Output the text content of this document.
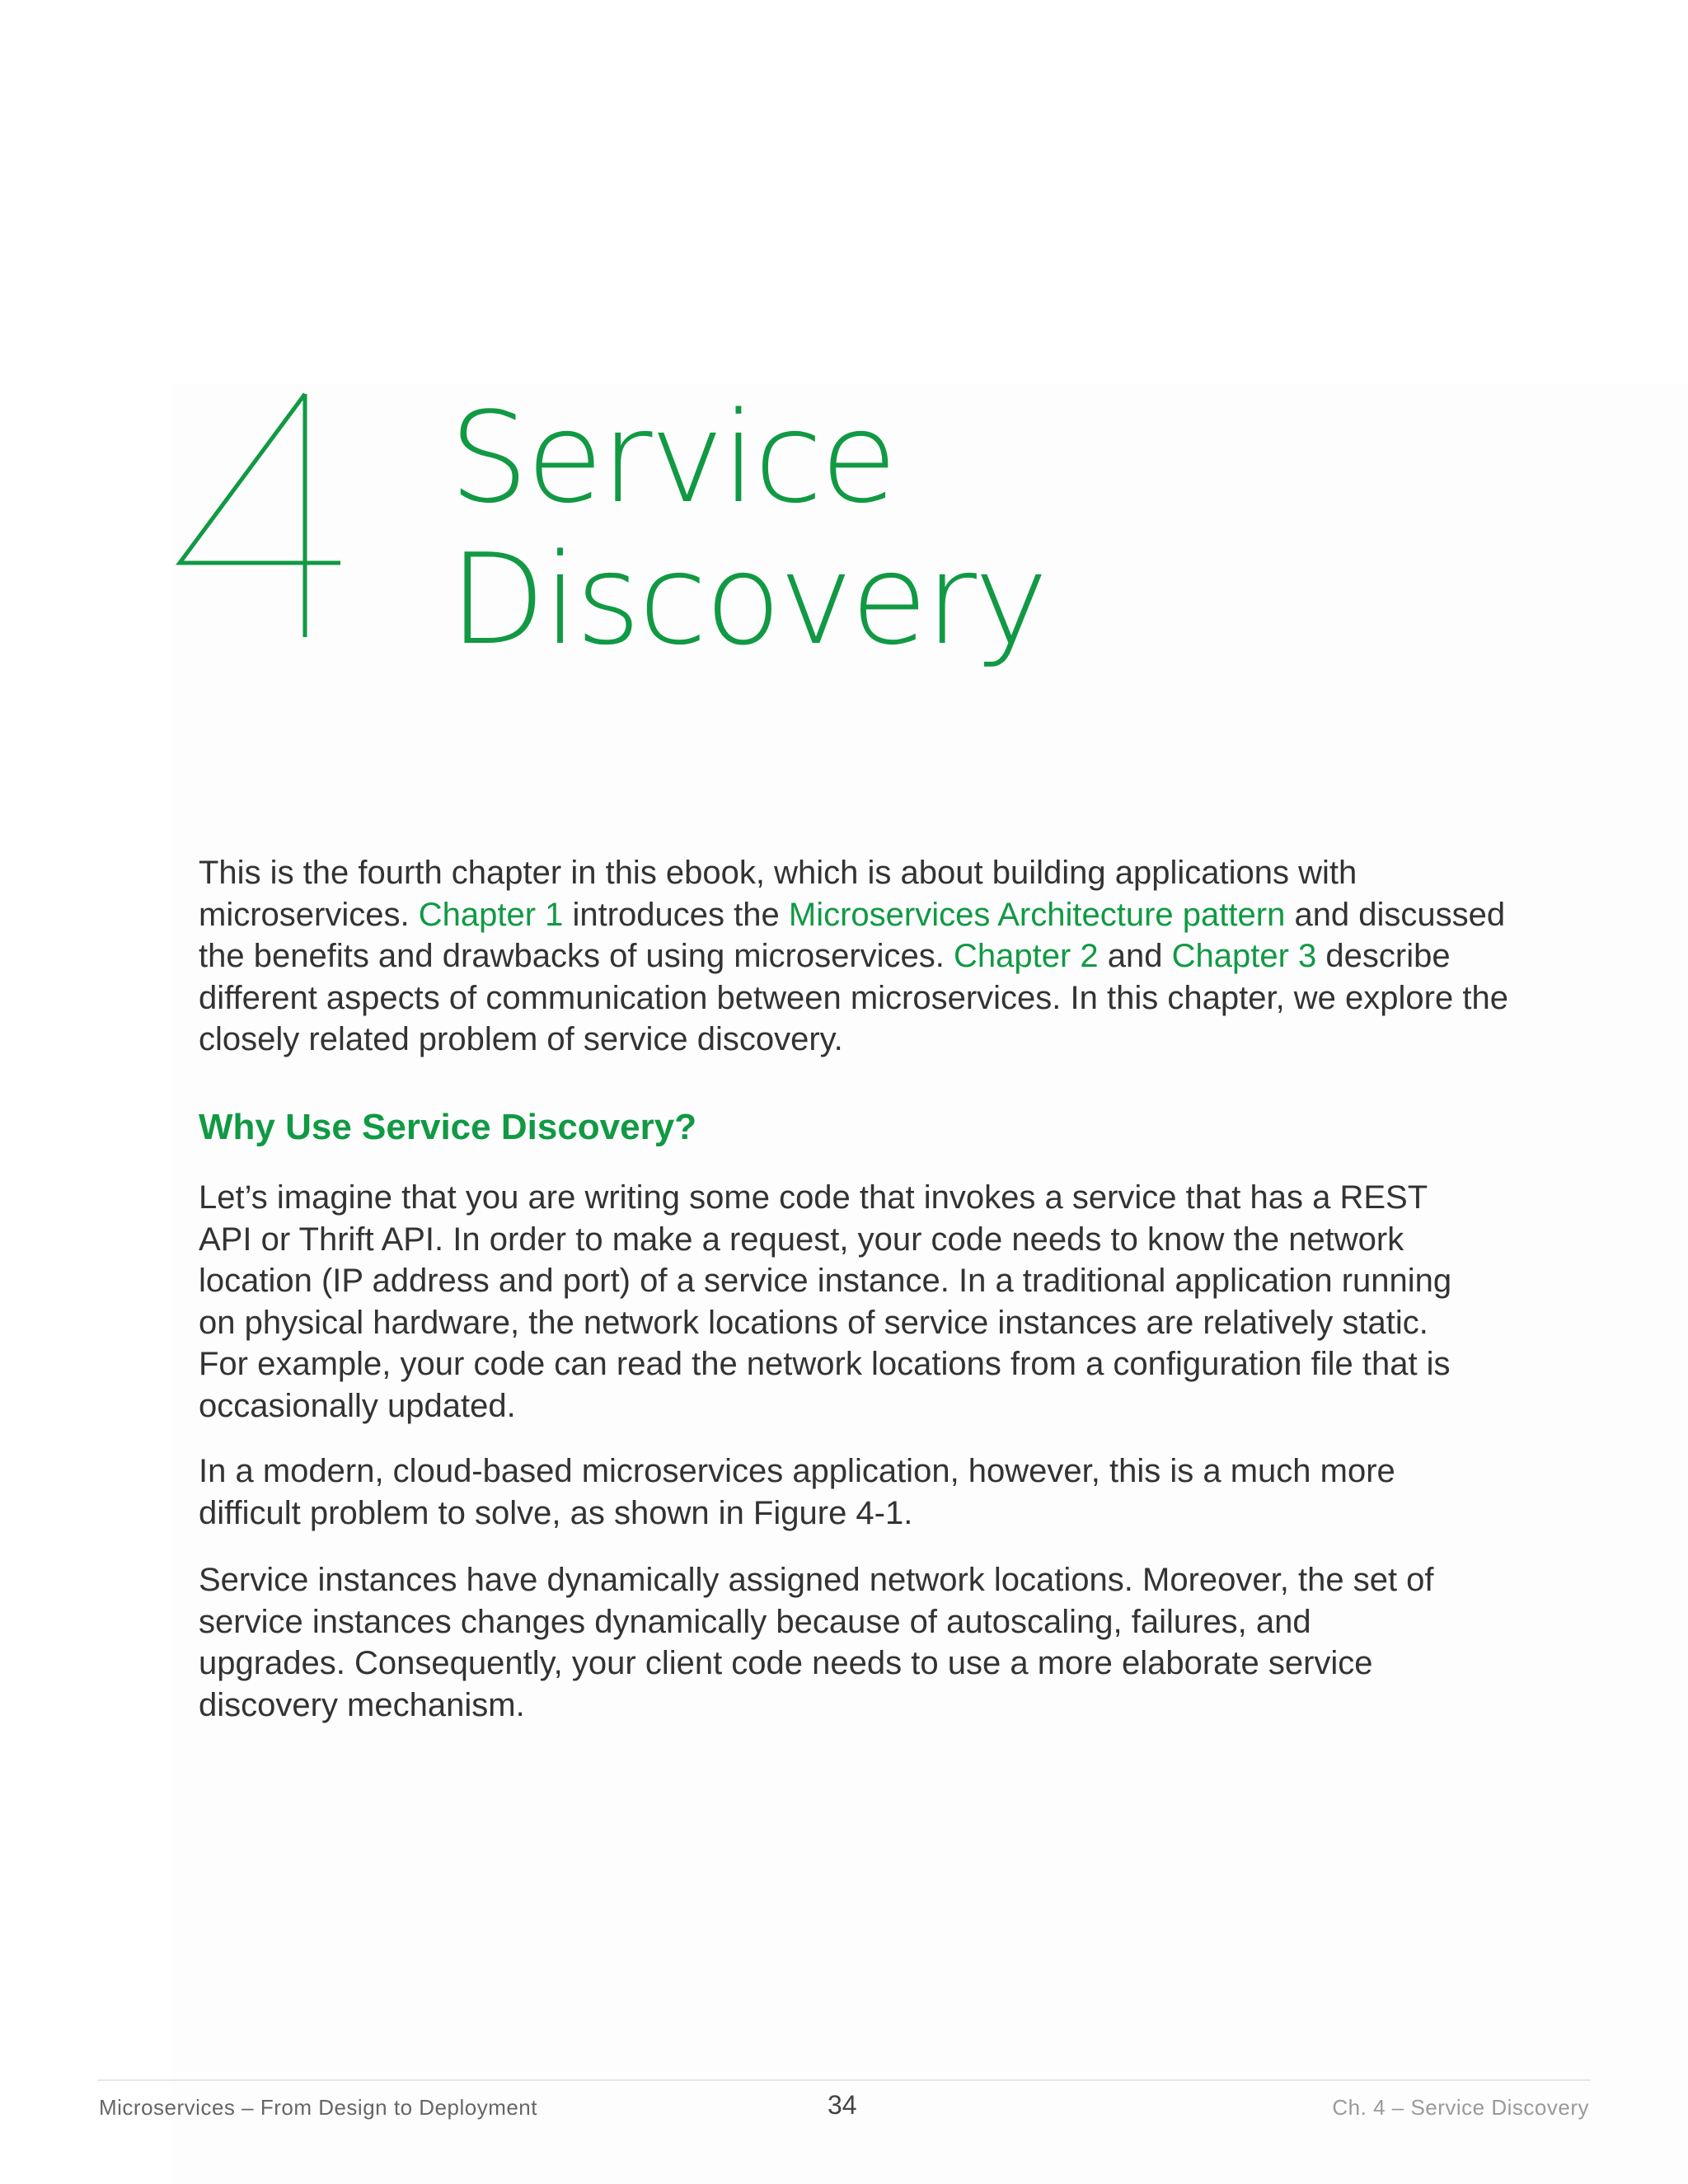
Service
Discovery

This is the fourth chapter in this ebook, which is about building applications with microservices. Chapter 1 introduces the Microservices Architecture pattern and discussed the benefits and drawbacks of using microservices. Chapter 2 and Chapter 3 describe different aspects of communication between microservices. In this chapter, we explore the closely related problem of service discovery.

Why Use Service Discovery?

Let’s imagine that you are writing some code that invokes a service that has a REST API or Thrift API. In order to make a request, your code needs to know the network location (IP address and port) of a service instance. In a traditional application running on physical hardware, the network locations of service instances are relatively static. For example, your code can read the network locations from a configuration file that is occasionally updated.

In a modern, cloud-based microservices application, however, this is a much more difficult problem to solve, as shown in Figure 4-1.

Service instances have dynamically assigned network locations. Moreover, the set of service instances changes dynamically because of autoscaling, failures, and upgrades. Consequently, your client code needs to use a more elaborate service discovery mechanism.

Microservices – From Design to Deployment	34	Ch. 4 – Service Discovery
